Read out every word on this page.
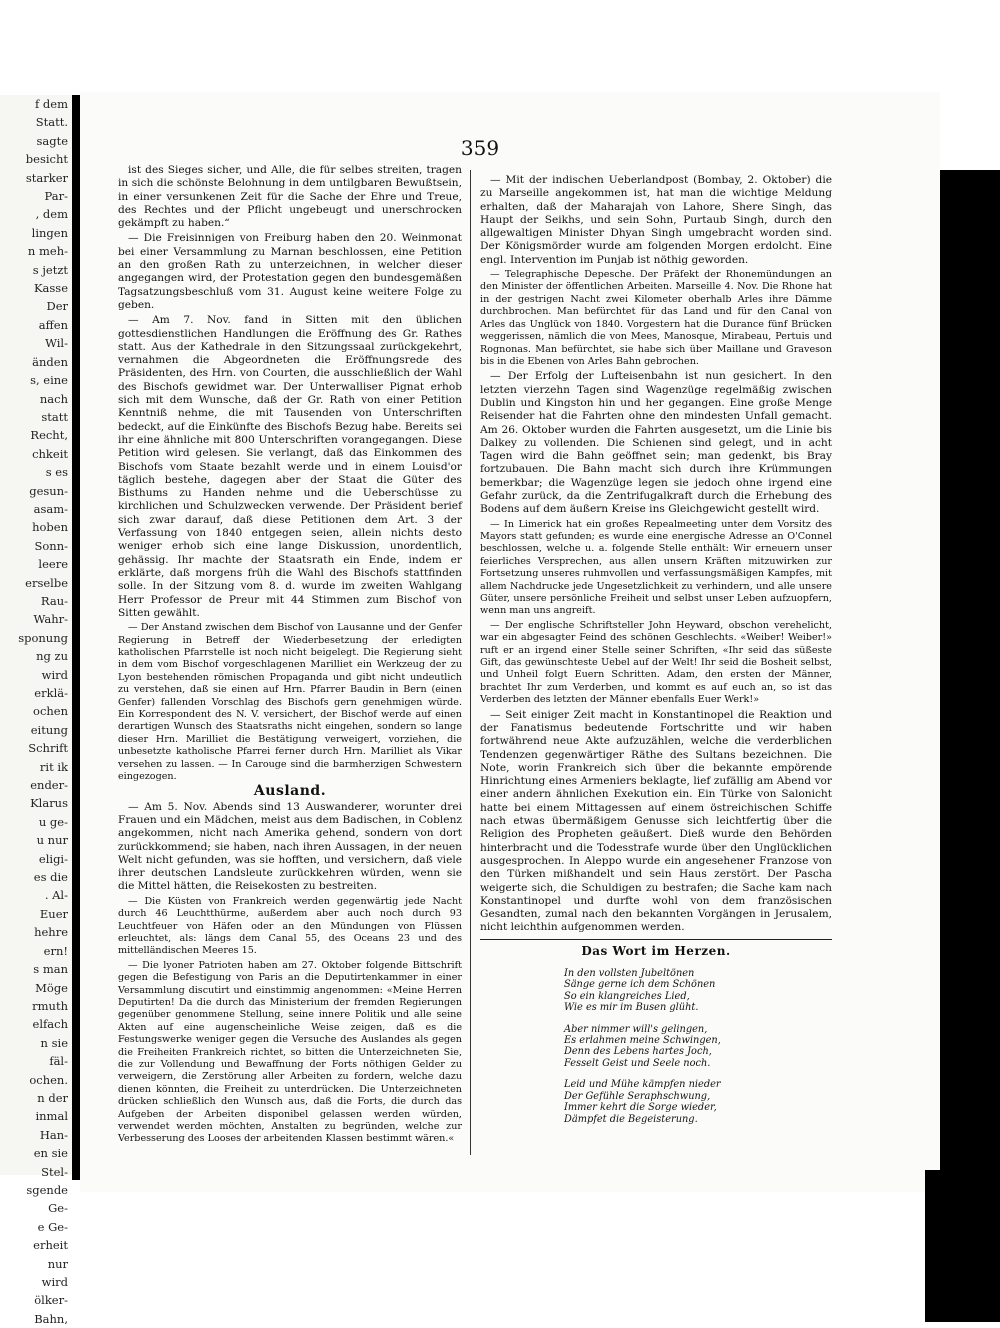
f dem
Statt.
sagte
besicht
starker
Par-
, dem
lingen
n meh-
s jetzt
Kasse
Der
affen
Wil-
änden
s, eine
nach
statt
Recht,
chkeit
s es
gesun-
asam-
hoben
Sonn-
leere
erselbe
Rau-
Wahr-
sponung
ng zu
wird
erklä-
ochen
eitung
Schrift
rit ik
ender-
Klarus
u ge-
u nur
eligi-
es die
. Al-
Euer
hehre
ern!
s man
Möge
rmuth
elfach
n sie
fäl-
ochen.
n der
inmal
Han-
en sie
Stel-
sgende
Ge-
e Ge-
erheit
nur
wird
ölker-
Bahn,
359

ist des Sieges sicher, und Alle, die für selbes streiten, tragen in sich die schönste Belohnung in dem untilgbaren Bewußtsein, in einer versunkenen Zeit für die Sache der Ehre und Treue, des Rechtes und der Pflicht ungebeugt und unerschrocken gekämpft zu haben.“

— Die Freisinnigen von Freiburg haben den 20. Weinmonat bei einer Versammlung zu Marnan beschlossen, eine Petition an den großen Rath zu unterzeichnen, in welcher dieser angegangen wird, der Protestation gegen den bundesgemäßen Tagsatzungsbeschluß vom 31. August keine weitere Folge zu geben.

— Am 7. Nov. fand in Sitten mit den üblichen gottesdienstlichen Handlungen die Eröffnung des Gr. Rathes statt. Aus der Kathedrale in den Sitzungssaal zurückgekehrt, vernahmen die Abgeordneten die Eröffnungsrede des Präsidenten, des Hrn. von Courten, die ausschließlich der Wahl des Bischofs gewidmet war. Der Unterwalliser Pignat erhob sich mit dem Wunsche, daß der Gr. Rath von einer Petition Kenntniß nehme, die mit Tausenden von Unterschriften bedeckt, auf die Einkünfte des Bischofs Bezug habe. Bereits sei ihr eine ähnliche mit 800 Unterschriften vorangegangen. Diese Petition wird gelesen. Sie verlangt, daß das Einkommen des Bischofs vom Staate bezahlt werde und in einem Louisd'or täglich bestehe, dagegen aber der Staat die Güter des Bisthums zu Handen nehme und die Ueberschüsse zu kirchlichen und Schulzwecken verwende. Der Präsident berief sich zwar darauf, daß diese Petitionen dem Art. 3 der Verfassung von 1840 entgegen seien, allein nichts desto weniger erhob sich eine lange Diskussion, unordentlich, gehässig. Ihr machte der Staatsrath ein Ende, indem er erklärte, daß morgens früh die Wahl des Bischofs stattfinden solle. In der Sitzung vom 8. d. wurde im zweiten Wahlgang Herr Professor de Preur mit 44 Stimmen zum Bischof von Sitten gewählt.

— Der Anstand zwischen dem Bischof von Lausanne und der Genfer Regierung in Betreff der Wiederbesetzung der erledigten katholischen Pfarrstelle ist noch nicht beigelegt. Die Regierung sieht in dem vom Bischof vorgeschlagenen Marilliet ein Werkzeug der zu Lyon bestehenden römischen Propaganda und gibt nicht undeutlich zu verstehen, daß sie einen auf Hrn. Pfarrer Baudin in Bern (einen Genfer) fallenden Vorschlag des Bischofs gern genehmigen würde. Ein Korrespondent des N. V. versichert, der Bischof werde auf einen derartigen Wunsch des Staatsraths nicht eingehen, sondern so lange dieser Hrn. Marilliet die Bestätigung verweigert, vorziehen, die unbesetzte katholische Pfarrei ferner durch Hrn. Marilliet als Vikar versehen zu lassen. — In Carouge sind die barmherzigen Schwestern eingezogen.

Ausland.

— Am 5. Nov. Abends sind 13 Auswanderer, worunter drei Frauen und ein Mädchen, meist aus dem Badischen, in Coblenz angekommen, nicht nach Amerika gehend, sondern von dort zurückkommend; sie haben, nach ihren Aussagen, in der neuen Welt nicht gefunden, was sie hofften, und versichern, daß viele ihrer deutschen Landsleute zurückkehren würden, wenn sie die Mittel hätten, die Reisekosten zu bestreiten.

— Die Küsten von Frankreich werden gegenwärtig jede Nacht durch 46 Leuchtthürme, außerdem aber auch noch durch 93 Leuchtfeuer von Häfen oder an den Mündungen von Flüssen erleuchtet, als: längs dem Canal 55, des Oceans 23 und des mittelländischen Meeres 15.

— Die lyoner Patrioten haben am 27. Oktober folgende Bittschrift gegen die Befestigung von Paris an die Deputirtenkammer in einer Versammlung discutirt und einstimmig angenommen: «Meine Herren Deputirten! Da die durch das Ministerium der fremden Regierungen gegenüber genommene Stellung, seine innere Politik und alle seine Akten auf eine augenscheinliche Weise zeigen, daß es die Festungswerke weniger gegen die Versuche des Auslandes als gegen die Freiheiten Frankreich richtet, so bitten die Unterzeichneten Sie, die zur Vollendung und Bewaffnung der Forts nöthigen Gelder zu verweigern, die Zerstörung aller Arbeiten zu fordern, welche dazu dienen könnten, die Freiheit zu unterdrücken. Die Unterzeichneten drücken schließlich den Wunsch aus, daß die Forts, die durch das Aufgeben der Arbeiten disponibel gelassen werden würden, verwendet werden möchten, Anstalten zu begründen, welche zur Verbesserung des Looses der arbeitenden Klassen bestimmt wären.«

— Mit der indischen Ueberlandpost (Bombay, 2. Oktober) die zu Marseille angekommen ist, hat man die wichtige Meldung erhalten, daß der Maharajah von Lahore, Shere Singh, das Haupt der Seikhs, und sein Sohn, Purtaub Singh, durch den allgewaltigen Minister Dhyan Singh umgebracht worden sind. Der Königsmörder wurde am folgenden Morgen erdolcht. Eine engl. Intervention im Punjab ist nöthig geworden.

— Telegraphische Depesche. Der Präfekt der Rhonemündungen an den Minister der öffentlichen Arbeiten. Marseille 4. Nov. Die Rhone hat in der gestrigen Nacht zwei Kilometer oberhalb Arles ihre Dämme durchbrochen. Man befürchtet für das Land und für den Canal von Arles das Unglück von 1840. Vorgestern hat die Durance fünf Brücken weggerissen, nämlich die von Mees, Manosque, Mirabeau, Pertuis und Rognonas. Man befürchtet, sie habe sich über Maillane und Graveson bis in die Ebenen von Arles Bahn gebrochen.

— Der Erfolg der Lufteisenbahn ist nun gesichert. In den letzten vierzehn Tagen sind Wagenzüge regelmäßig zwischen Dublin und Kingston hin und her gegangen. Eine große Menge Reisender hat die Fahrten ohne den mindesten Unfall gemacht. Am 26. Oktober wurden die Fahrten ausgesetzt, um die Linie bis Dalkey zu vollenden. Die Schienen sind gelegt, und in acht Tagen wird die Bahn geöffnet sein; man gedenkt, bis Bray fortzubauen. Die Bahn macht sich durch ihre Krümmungen bemerkbar; die Wagenzüge legen sie jedoch ohne irgend eine Gefahr zurück, da die Zentrifugalkraft durch die Erhebung des Bodens auf dem äußern Kreise ins Gleichgewicht gestellt wird.

— In Limerick hat ein großes Repealmeeting unter dem Vorsitz des Mayors statt gefunden; es wurde eine energische Adresse an O'Connel beschlossen, welche u. a. folgende Stelle enthält: Wir erneuern unser feierliches Versprechen, aus allen unsern Kräften mitzuwirken zur Fortsetzung unseres ruhmvollen und verfassungsmäßigen Kampfes, mit allem Nachdrucke jede Ungesetzlichkeit zu verhindern, und alle unsere Güter, unsere persönliche Freiheit und selbst unser Leben aufzuopfern, wenn man uns angreift.

— Der englische Schriftsteller John Heyward, obschon verehelicht, war ein abgesagter Feind des schönen Geschlechts. «Weiber! Weiber!» ruft er an irgend einer Stelle seiner Schriften, «Ihr seid das süßeste Gift, das gewünschteste Uebel auf der Welt! Ihr seid die Bosheit selbst, und Unheil folgt Euern Schritten. Adam, den ersten der Männer, brachtet Ihr zum Verderben, und kommt es auf euch an, so ist das Verderben des letzten der Männer ebenfalls Euer Werk!»

— Seit einiger Zeit macht in Konstantinopel die Reaktion und der Fanatismus bedeutende Fortschritte und wir haben fortwährend neue Akte aufzuzählen, welche die verderblichen Tendenzen gegenwärtiger Räthe des Sultans bezeichnen. Die Note, worin Frankreich sich über die bekannte empörende Hinrichtung eines Armeniers beklagte, lief zufällig am Abend vor einer andern ähnlichen Exekution ein. Ein Türke von Salonicht hatte bei einem Mittagessen auf einem östreichischen Schiffe nach etwas übermäßigem Genusse sich leichtfertig über die Religion des Propheten geäußert. Dieß wurde den Behörden hinterbracht und die Todesstrafe wurde über den Unglücklichen ausgesprochen. In Aleppo wurde ein angesehener Franzose von den Türken mißhandelt und sein Haus zerstört. Der Pascha weigerte sich, die Schuldigen zu bestrafen; die Sache kam nach Konstantinopel und durfte wohl von dem französischen Gesandten, zumal nach den bekannten Vorgängen in Jerusalem, nicht leichthin aufgenommen werden.

Das Wort im Herzen.
In den vollsten Jubeltönen
Sänge gerne ich dem Schönen
So ein klangreiches Lied,
Wie es mir im Busen glüht.
Aber nimmer will's gelingen,
Es erlahmen meine Schwingen,
Denn des Lebens hartes Joch,
Fesselt Geist und Seele noch.
Leid und Mühe kämpfen nieder
Der Gefühle Seraphschwung,
Immer kehrt die Sorge wieder,
Dämpfet die Begeisterung.
